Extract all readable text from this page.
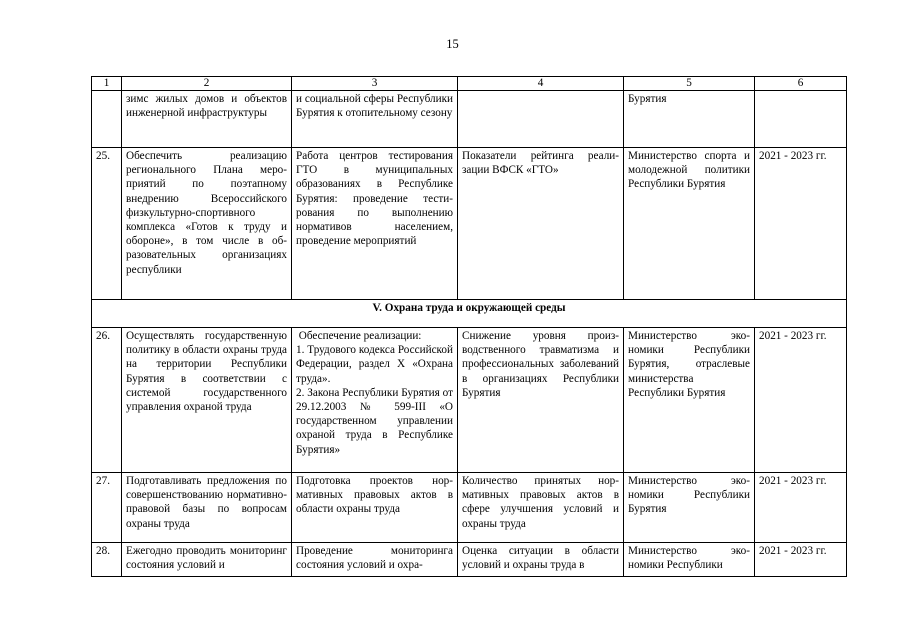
15
1	2	3	4	5	6
	зимс жилых домов и объектов инженерной инфраструктуры	и социальной сферы Республики Бурятия к отопительному сезону		Бурятия	
25.	Обеспечить реализацию регионального Плана мероприятий по поэтапному внедрению Всероссийского физкультурно-спортивного комплекса «Готов к труду и обороне», в том числе в образовательных организациях республики	Работа центров тестирования ГТО в муниципальных образованиях в Республике Бурятия: проведение тестирования по выполнению нормативов населением, проведение мероприятий	Показатели рейтинга реализации ВФСК «ГТО»	Министерство спорта и молодежной политики Республики Бурятия	2021 - 2023 гг.
V. Охрана труда и окружающей среды					
26.	Осуществлять государственную политику в области охраны труда на территории Республики Бурятия в соответствии с системой государственного управления охраной труда	Обеспечение реализации:
1. Трудового кодекса Российской Федерации, раздел X «Охрана труда».
2. Закона Республики Бурятия от 29.12.2003 № 599-III «О государственном управлении охраной труда в Республике Бурятия»	Снижение уровня производственного травматизма и профессиональных заболеваний в организациях Республики Бурятия	Министерство экономики Республики Бурятия, отраслевые министерства Республики Бурятия	2021 - 2023 гг.
27.	Подготавливать предложения по совершенствованию нормативно-правовой базы по вопросам охраны труда	Подготовка проектов нормативных правовых актов в области охраны труда	Количество принятых нормативных правовых актов в сфере улучшения условий и охраны труда	Министерство экономики Республики Бурятия	2021 - 2023 гг.
28.	Ежегодно проводить мониторинг состояния условий и	Проведение мониторинга состояния условий и охра-	Оценка ситуации в области условий и охраны труда в	Министерство экономики Республики	2021 - 2023 гг.
